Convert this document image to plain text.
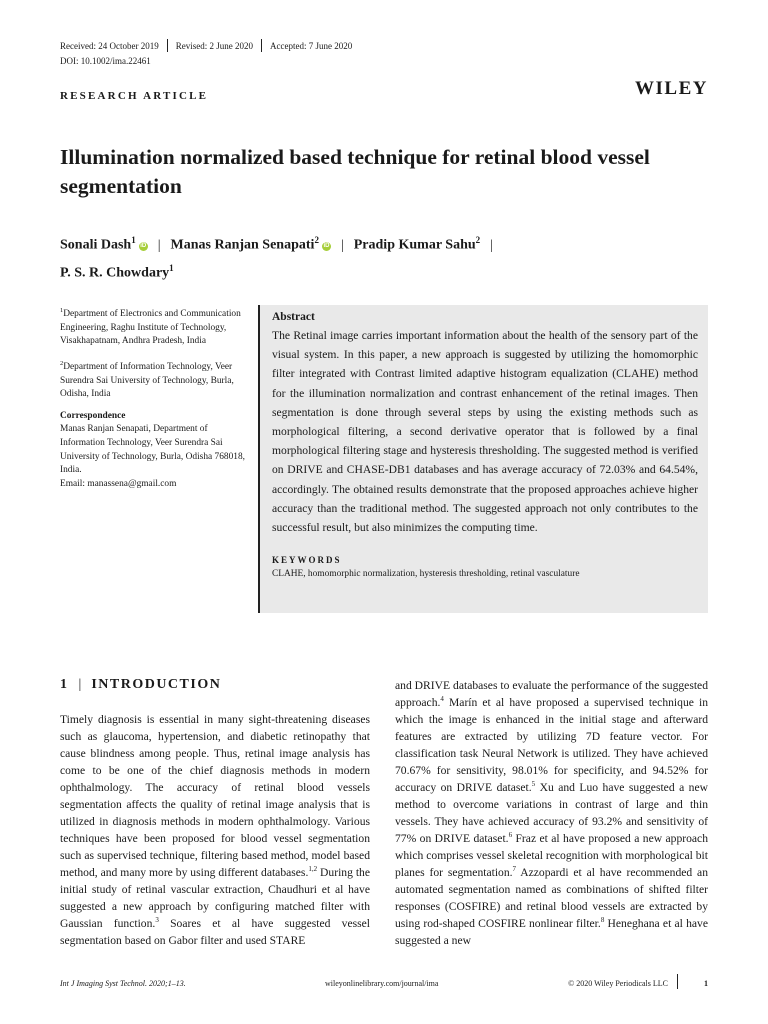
Received: 24 October 2019 Revised: 2 June 2020 Accepted: 7 June 2020
DOI: 10.1002/ima.22461
RESEARCH ARTICLE	WILEY
Illumination normalized based technique for retinal blood vessel segmentation
Sonali Dash$^1$iD | Manas Ranjan Senapati$^2$iD | Pradip Kumar Sahu$^2$ |
P. S. R. Chowdary$^1$

$^1$Department of Electronics and Communication Engineering, Raghu Institute of Technology, Visakhapatnam, Andhra Pradesh, India

$^2$Department of Information Technology, Veer Surendra Sai University of Technology, Burla, Odisha, India

Correspondence
Manas Ranjan Senapati, Department of Information Technology, Veer Surendra Sai University of Technology, Burla, Odisha 768018, India.
Email: manassena@gmail.com
Abstract
The Retinal image carries important information about the health of the sensory part of the visual system. In this paper, a new approach is suggested by utilizing the homomorphic filter integrated with Contrast limited adaptive histogram equalization (CLAHE) method for the illumination normalization and contrast enhancement of the retinal images. Then segmentation is done through several steps by using the existing methods such as morphological filtering, a second derivative operator that is followed by a final morphological filtering stage and hysteresis thresholding. The suggested method is verified on DRIVE and CHASE-DB1 databases and has average accuracy of 72.03% and 64.54%, accordingly. The obtained results demonstrate that the proposed approaches achieve higher accuracy than the traditional method. The suggested approach not only contributes to the successful result, but also minimizes the computing time.
KEYWORDS
CLAHE, homomorphic normalization, hysteresis thresholding, retinal vasculature
1 | INTRODUCTION
Timely diagnosis is essential in many sight-threatening diseases such as glaucoma, hypertension, and diabetic retinopathy that cause blindness among people. Thus, retinal image analysis has come to be one of the chief diagnosis methods in modern ophthalmology. The accuracy of retinal blood vessels segmentation affects the quality of retinal image analysis that is utilized in diagnosis methods in modern ophthalmology. Various techniques have been proposed for blood vessel segmentation such as supervised technique, filtering based method, model based method, and many more by using different databases.$^{1,2}$ During the initial study of retinal vascular extraction, Chaudhuri et al have suggested a new approach by configuring matched filter with Gaussian function.$^3$ Soares et al have suggested vessel segmentation based on Gabor filter and used STARE
and DRIVE databases to evaluate the performance of the suggested approach.$^4$ Marín et al have proposed a supervised technique in which the image is enhanced in the initial stage and afterward features are extracted by utilizing 7D feature vector. For classification task Neural Network is utilized. They have achieved 70.67% for sensitivity, 98.01% for specificity, and 94.52% for accuracy on DRIVE dataset.$^5$ Xu and Luo have suggested a new method to overcome variations in contrast of large and thin vessels. They have achieved accuracy of 93.2% and sensitivity of 77% on DRIVE dataset.$^6$ Fraz et al have proposed a new approach which comprises vessel skeletal recognition with morphological bit planes for segmentation.$^7$ Azzopardi et al have recommended an automated segmentation named as combinations of shifted filter responses (COSFIRE) and retinal blood vessels are extracted by using rod-shaped COSFIRE nonlinear filter.$^8$ Heneghana et al have suggested a new
Int J Imaging Syst Technol. 2020;1–13.	wileyonlinelibrary.com/journal/ima	© 2020 Wiley Periodicals LLC	1
